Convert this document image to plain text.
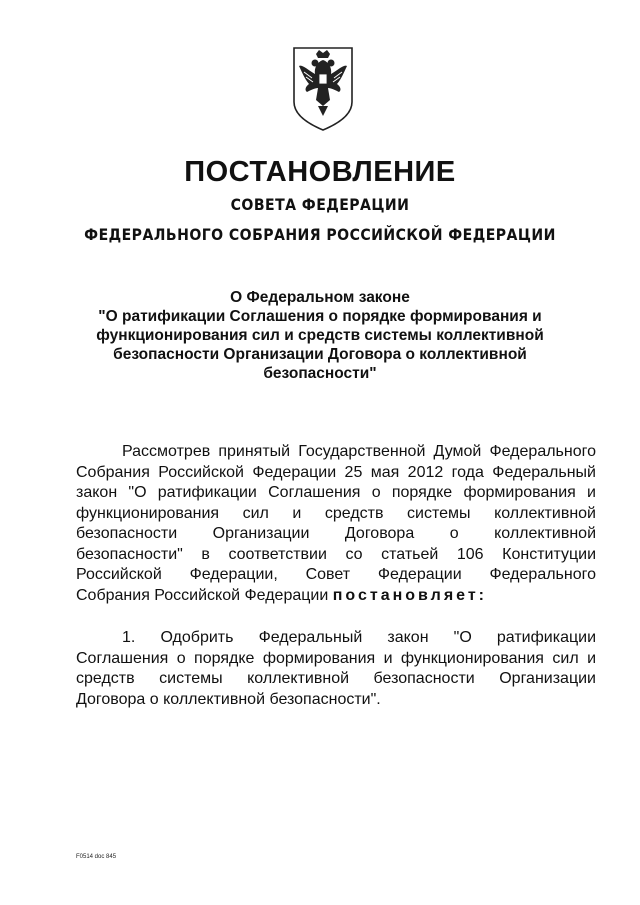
ПОСТАНОВЛЕНИЕ
СОВЕТА ФЕДЕРАЦИИ
ФЕДЕРАЛЬНОГО СОБРАНИЯ РОССИЙСКОЙ ФЕДЕРАЦИИ
О Федеральном законе
"О ратификации Соглашения о порядке формирования и
функционирования сил и средств системы коллективной
безопасности Организации Договора о коллективной
безопасности"
Рассмотрев принятый Государственной Думой Федерального
Собрания Российской Федерации 25 мая 2012 года Федеральный
закон "О ратификации Соглашения о порядке формирования и
функционирования сил и средств системы коллективной
безопасности Организации Договора о коллективной
безопасности" в соответствии со статьей 106 Конституции
Российской Федерации, Совет Федерации Федерального
Собрания Российской Федерации постановляет:
1. Одобрить Федеральный закон "О ратификации
Соглашения о порядке формирования и функционирования сил и
средств системы коллективной безопасности Организации
Договора о коллективной безопасности".
F0514 doc 845
